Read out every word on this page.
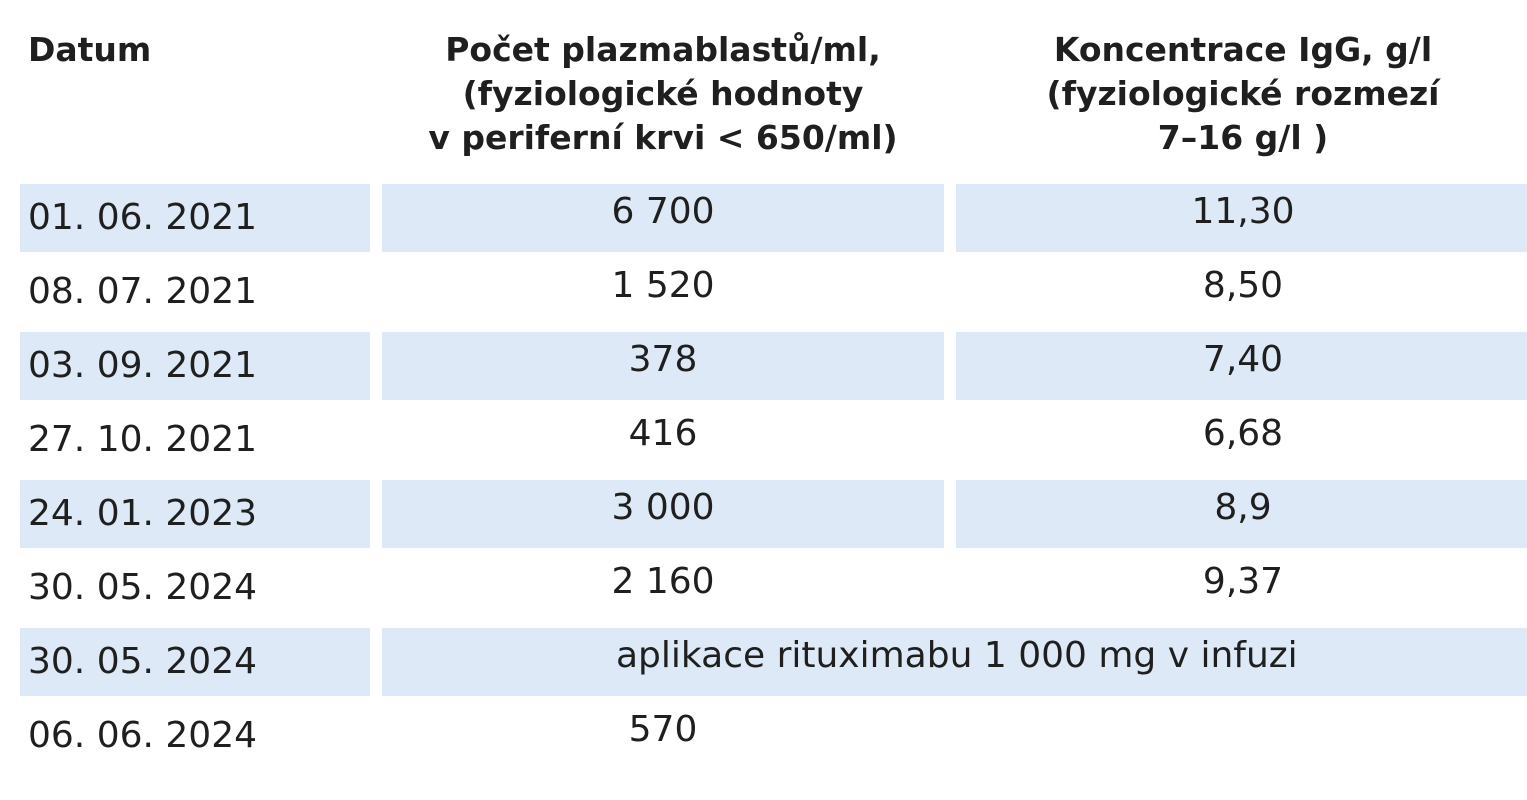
Datum	Počet plazmablastů/ml,
(fyziologické hodnoty
v periferní krvi < 650/ml)	Koncentrace IgG, g/l
(fyziologické rozmezí
7–16 g/l )

01. 06. 2021	6 700	11,30
08. 07. 2021	1 520	8,50
03. 09. 2021	378	7,40
27. 10. 2021	416	6,68
24. 01. 2023	3 000	8,9
30. 05. 2024	2 160	9,37
30. 05. 2024	aplikace rituximabu 1 000 mg v infuzi	
06. 06. 2024	570	
